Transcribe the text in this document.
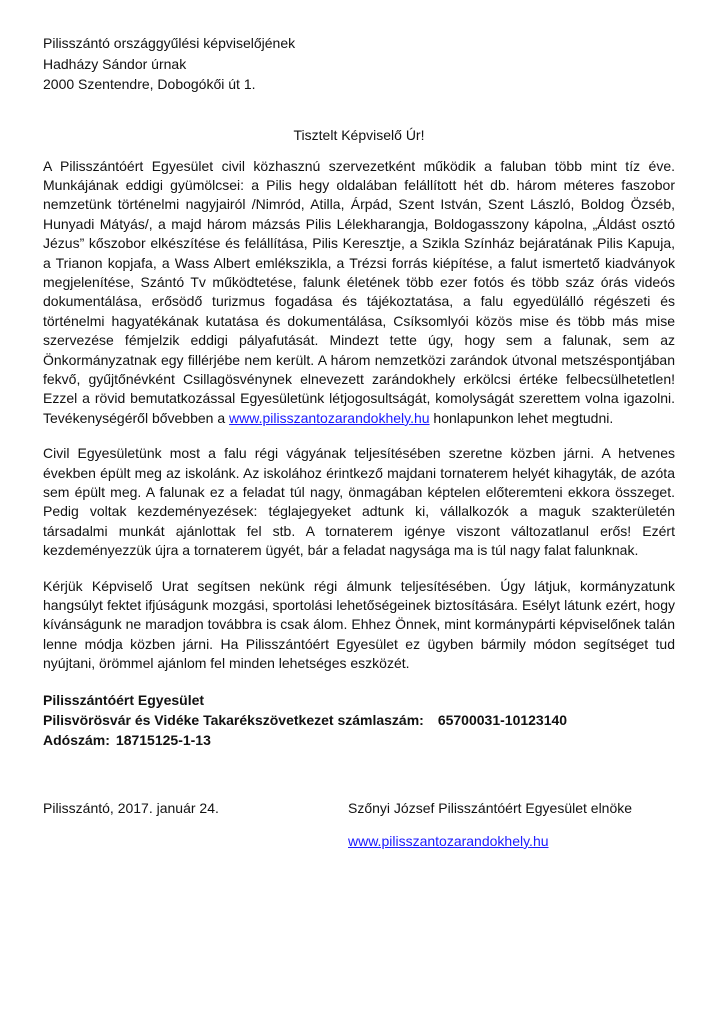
Pilisszántó országgyűlési képviselőjének
Hadházy Sándor úrnak
2000 Szentendre, Dobogókői út 1.
Tisztelt Képviselő Úr!

A Pilisszántóért Egyesület civil közhasznú szervezetként működik a faluban több mint tíz éve. Munkájának eddigi gyümölcsei: a Pilis hegy oldalában felállított hét db. három méteres faszobor nemzetünk történelmi nagyjairól /Nimród, Atilla, Árpád, Szent István, Szent László, Boldog Özséb, Hunyadi Mátyás/, a majd három mázsás Pilis Lélekharangja, Boldogasszony kápolna, „Áldást osztó Jézus” kőszobor elkészítése és felállítása, Pilis Keresztje, a Szikla Színház bejáratának Pilis Kapuja, a Trianon kopjafa, a Wass Albert emlékszikla, a Trézsi forrás kiépítése, a falut ismertető kiadványok megjelenítése, Szántó Tv működtetése, falunk életének több ezer fotós és több száz órás videós dokumentálása, erősödő turizmus fogadása és tájékoztatása, a falu egyedülálló régészeti és történelmi hagyatékának kutatása és dokumentálása, Csíksomlyói közös mise és több más mise szervezése fémjelzik eddigi pályafutását. Mindezt tette úgy, hogy sem a falunak, sem az Önkormányzatnak egy fillérjébe nem került. A három nemzetközi zarándok útvonal metszéspontjában fekvő, gyűjtőnévként Csillagösvénynek elnevezett zarándokhely erkölcsi értéke felbecsülhetetlen! Ezzel a rövid bemutatkozással Egyesületünk létjogosultságát, komolyságát szerettem volna igazolni. Tevékenységéről bővebben a www.pilisszantozarandokhely.hu honlapunkon lehet megtudni.

Civil Egyesületünk most a falu régi vágyának teljesítésében szeretne közben járni. A hetvenes években épült meg az iskolánk. Az iskolához érintkező majdani tornaterem helyét kihagyták, de azóta sem épült meg. A falunak ez a feladat túl nagy, önmagában képtelen előteremteni ekkora összeget. Pedig voltak kezdeményezések: téglajegyeket adtunk ki, vállalkozók a maguk szakterületén társadalmi munkát ajánlottak fel stb. A tornaterem igénye viszont változatlanul erős! Ezért kezdeményezzük újra a tornaterem ügyét, bár a feladat nagysága ma is túl nagy falat falunknak.

Kérjük Képviselő Urat segítsen nekünk régi álmunk teljesítésében. Úgy látjuk, kormányzatunk hangsúlyt fektet ifjúságunk mozgási, sportolási lehetőségeinek biztosítására. Esélyt látunk ezért, hogy kívánságunk ne maradjon továbbra is csak álom. Ehhez Önnek, mint kormánypárti képviselőnek talán lenne módja közben járni. Ha Pilisszántóért Egyesület ez ügyben bármily módon segítséget tud nyújtani, örömmel ajánlom fel minden lehetséges eszközét.

Pilisszántóért Egyesület
Pilisvörösvár és Vidéke Takarékszövetkezet számlaszám: 65700031-10123140
Adószám: 18715125-1-13
Pilisszántó, 2017. január 24.	Szőnyi József Pilisszántóért Egyesület elnöke
www.pilisszantozarandokhely.hu
